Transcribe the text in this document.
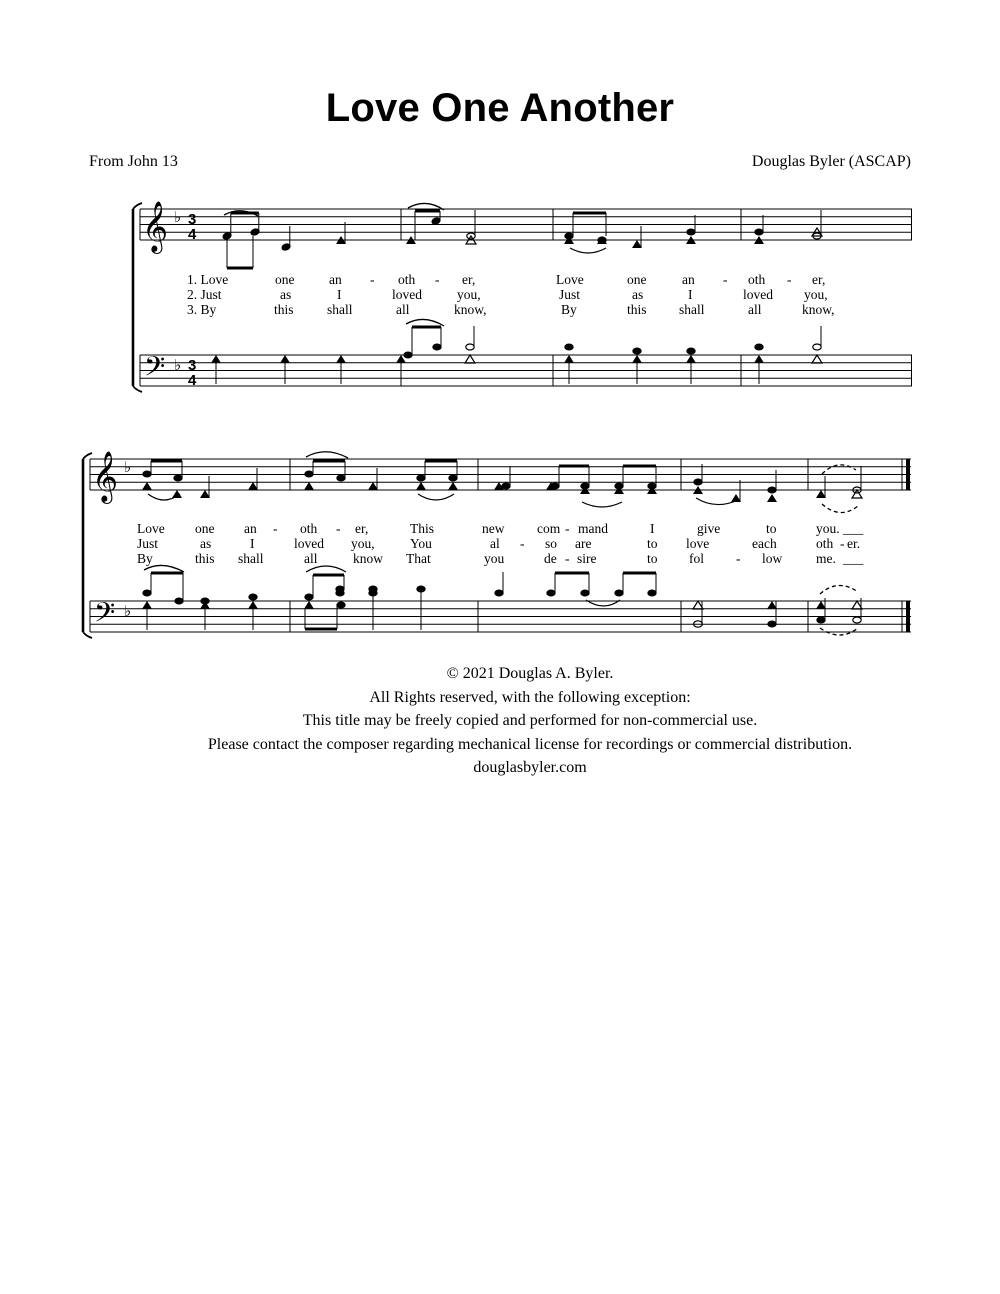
Love One Another
From John 13	Douglas Byler (ASCAP)
𝄞
𝄢
♭
♭
3
4
3
4
1. Love	one	an - oth - er,	Love	one	an - oth - er,
2. Just	as	I	loved	you,	Just	as	I	loved you,
3. By	this shall	all	know,	By	this shall	all	know,
𝄞
𝄢
♭
♭
Love one an - oth - er,	This	new com - mand	I	give	to	you. ___
Just	as	I	loved you,	You	al - so are	to love	each	oth - er.
By	this shall	all	know That	you	de - sire	to fol - low	me. ___
© 2021 Douglas A. Byler.
All Rights reserved, with the following exception:
This title may be freely copied and performed for non-commercial use.
Please contact the composer regarding mechanical license for recordings or commercial distribution.
douglasbyler.com
